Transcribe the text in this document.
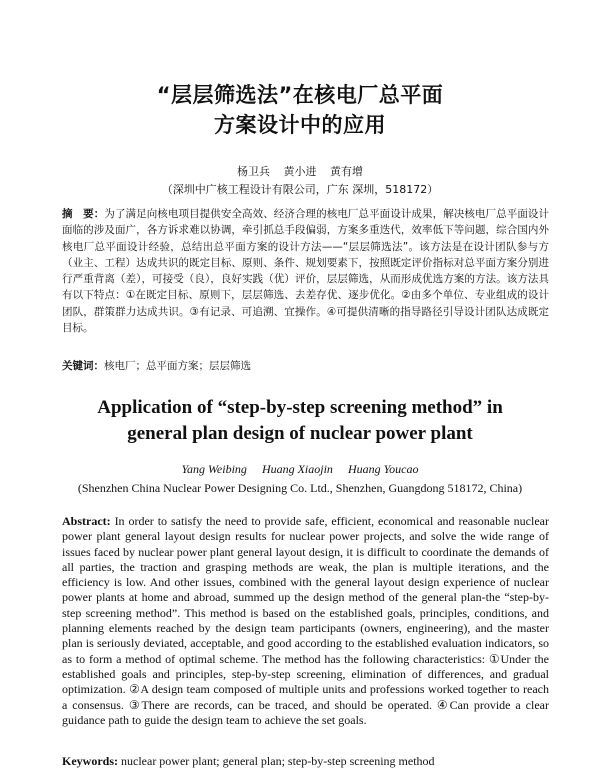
“层层筛选法”在核电厂总平面
方案设计中的应用
杨卫兵 黄小进 黄有增
（深圳中广核工程设计有限公司，广东 深圳，518172）
摘　要：为了满足向核电项目提供安全高效、经济合理的核电厂总平面设计成果，解决核电厂总平面设计面临的涉及面广，各方诉求难以协调，牵引抓总手段偏弱，方案多重迭代，效率低下等问题，综合国内外核电厂总平面设计经验，总结出总平面方案的设计方法——“层层筛选法”。该方法是在设计团队参与方（业主、工程）达成共识的既定目标、原则、条件、规划要素下，按照既定评价指标对总平面方案分别进行严重背离（差），可接受（良），良好实践（优）评价，层层筛选，从而形成优选方案的方法。该方法具有以下特点：①在既定目标、原则下，层层筛选、去差存优、逐步优化。②由多个单位、专业组成的设计团队，群策群力达成共识。③有记录、可追溯、宜操作。④可提供清晰的指导路径引导设计团队达成既定目标。
关键词：核电厂；总平面方案；层层筛选
Application of “step-by-step screening method” in
general plan design of nuclear power plant
Yang Weibing Huang Xiaojin Huang Youcao
(Shenzhen China Nuclear Power Designing Co. Ltd., Shenzhen, Guangdong 518172, China)
Abstract: In order to satisfy the need to provide safe, efficient, economical and reasonable nuclear power plant general layout design results for nuclear power projects, and solve the wide range of issues faced by nuclear power plant general layout design, it is difficult to coordinate the demands of all parties, the traction and grasping methods are weak, the plan is multiple iterations, and the efficiency is low. And other issues, combined with the general layout design experience of nuclear power plants at home and abroad, summed up the design method of the general plan-the “step-by-step screening method”. This method is based on the established goals, principles, conditions, and planning elements reached by the design team participants (owners, engineering), and the master plan is seriously deviated, acceptable, and good according to the established evaluation indicators, so as to form a method of optimal scheme. The method has the following characteristics: ①Under the established goals and principles, step-by-step screening, elimination of differences, and gradual optimization. ②A design team composed of multiple units and professions worked together to reach a consensus. ③There are records, can be traced, and should be operated. ④Can provide a clear guidance path to guide the design team to achieve the set goals.
Keywords: nuclear power plant; general plan; step-by-step screening method
